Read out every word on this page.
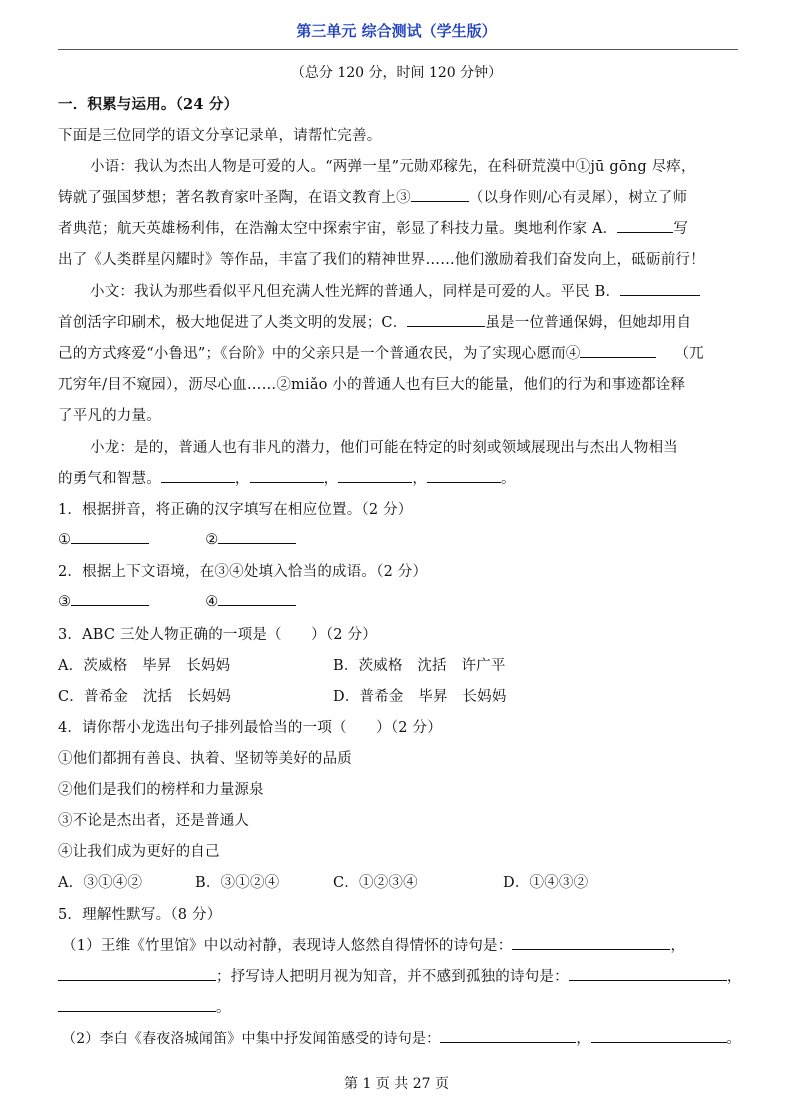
第三单元 综合测试（学生版）
（总分 120 分，时间 120 分钟）
一．积累与运用。（24 分）
下面是三位同学的语文分享记录单，请帮忙完善。
小语：我认为杰出人物是可爱的人。“两弹一星”元勋邓稼先，在科研荒漠中①jū gōng 尽瘁，
铸就了强国梦想；著名教育家叶圣陶，在语文教育上③	（以身作则/心有灵犀），树立了师
者典范；航天英雄杨利伟，在浩瀚太空中探索宇宙，彰显了科技力量。奥地利作家 A．	写
出了《人类群星闪耀时》等作品，丰富了我们的精神世界……他们激励着我们奋发向上，砥砺前行！
小文：我认为那些看似平凡但充满人性光辉的普通人，同样是可爱的人。平民 B．
首创活字印刷术，极大地促进了人类文明的发展；C．	虽是一位普通保姆，但她却用自
己的方式疼爱“小鲁迅”；《台阶》中的父亲只是一个普通农民，为了实现心愿而④	（兀
兀穷年/目不窥园），沥尽心血……②miǎo 小的普通人也有巨大的能量，他们的行为和事迹都诠释
了平凡的力量。
小龙：是的，普通人也有非凡的潜力，他们可能在特定的时刻或领域展现出与杰出人物相当
的勇气和智慧。	，	，	，	。
1．根据拼音，将正确的汉字填写在相应位置。（2 分）
①	②
2．根据上下文语境，在③④处填入恰当的成语。（2 分）
③	④
3．ABC 三处人物正确的一项是（　　）（2 分）
A．茨威格　毕昇　长妈妈	B．茨威格　沈括　许广平
C．普希金　沈括　长妈妈	D．普希金　毕昇　长妈妈
4．请你帮小龙选出句子排列最恰当的一项（　　）（2 分）
①他们都拥有善良、执着、坚韧等美好的品质
②他们是我们的榜样和力量源泉
③不论是杰出者，还是普通人
④让我们成为更好的自己
A．③①④②	B．③①②④	C．①②③④	D．①④③②
5．理解性默写。（8 分）
（1）王维《竹里馆》中以动衬静，表现诗人悠然自得情怀的诗句是：	，
；抒写诗人把明月视为知音，并不感到孤独的诗句是：	，
。
（2）李白《春夜洛城闻笛》中集中抒发闻笛感受的诗句是：	，	。
第 1 页 共 27 页
